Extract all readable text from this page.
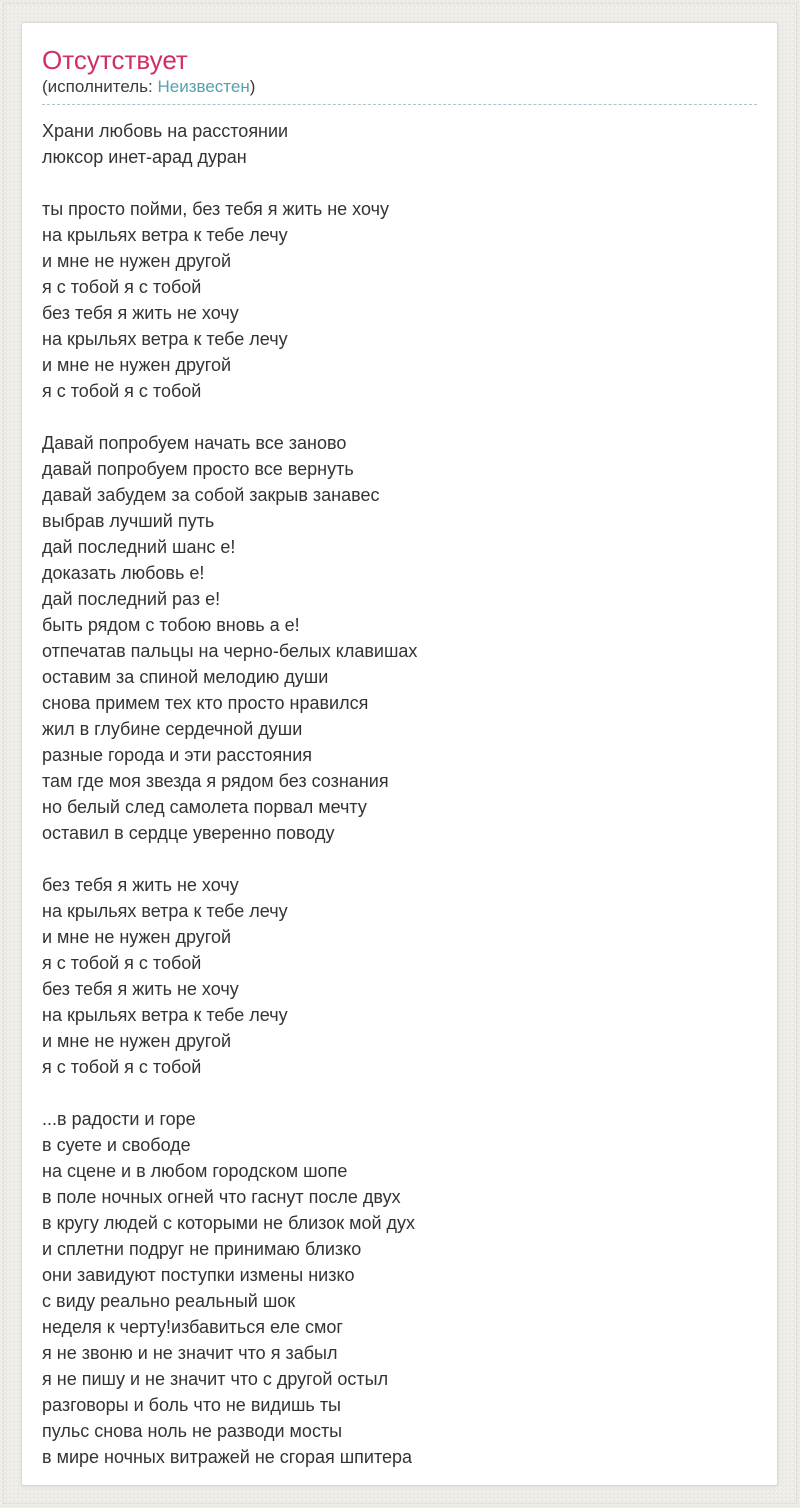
Отсутствует
(исполнитель: Неизвестен)
Храни любовь на расстоянии
люксор инет-арад дуран
ты просто пойми, без тебя я жить не хочу
на крыльях ветра к тебе лечу
и мне не нужен другой
я с тобой я с тобой
без тебя я жить не хочу
на крыльях ветра к тебе лечу
и мне не нужен другой
я с тобой я с тобой
Давай попробуем начать все заново
давай попробуем просто все вернуть
давай забудем за собой закрыв занавес
выбрав лучший путь
дай последний шанс е!
доказать любовь е!
дай последний раз е!
быть рядом с тобою вновь а е!
отпечатав пальцы на черно-белых клавишах
оставим за спиной мелодию души
снова примем тех кто просто нравился
жил в глубине сердечной души
разные города и эти расстояния
там где моя звезда я рядом без сознания
но белый след самолета порвал мечту
оставил в сердце уверенно поводу
без тебя я жить не хочу
на крыльях ветра к тебе лечу
и мне не нужен другой
я с тобой я с тобой
без тебя я жить не хочу
на крыльях ветра к тебе лечу
и мне не нужен другой
я с тобой я с тобой
...в радости и горе
в суете и свободе
на сцене и в любом городском шопе
в поле ночных огней что гаснут после двух
в кругу людей с которыми не близок мой дух
и сплетни подруг не принимаю близко
они завидуют поступки измены низко
с виду реально реальный шок
неделя к черту!избавиться еле смог
я не звоню и не значит что я забыл
я не пишу и не значит что с другой остыл
разговоры и боль что не видишь ты
пульс снова ноль не разводи мосты
в мире ночных витражей не сгорая шпитера
